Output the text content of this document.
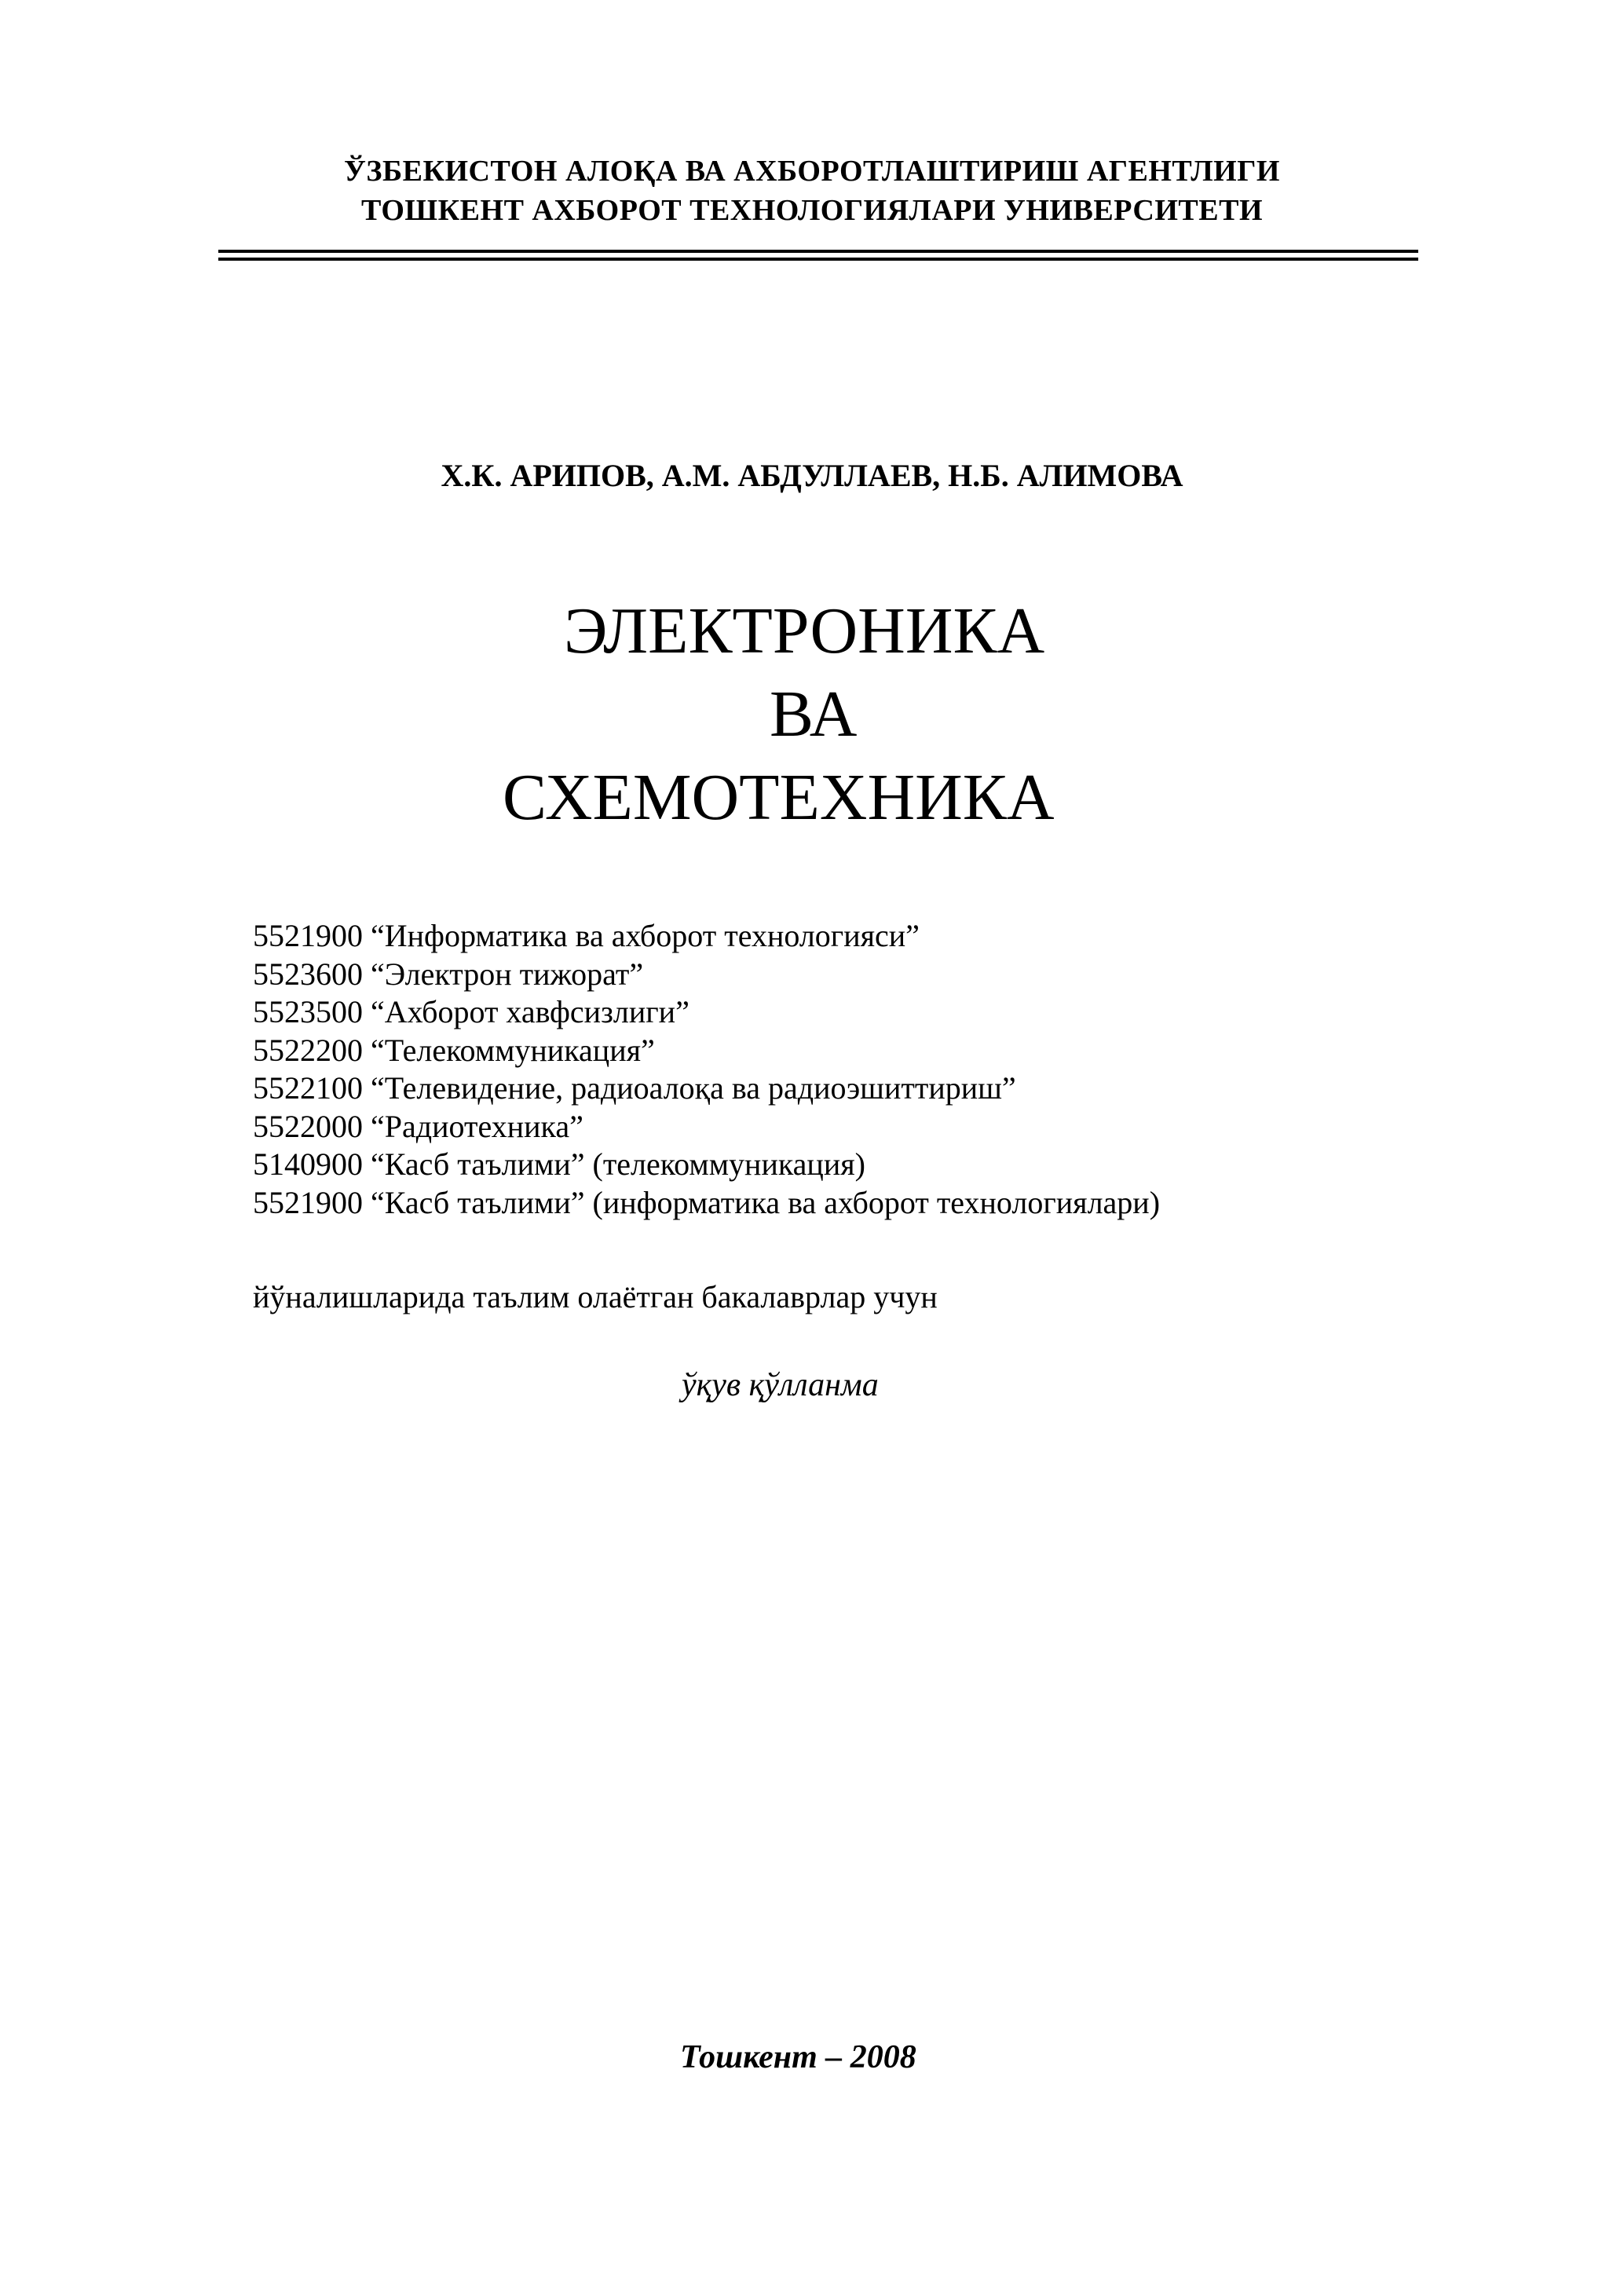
ЎЗБЕКИСТОН АЛОҚА ВА АХБОРОТЛАШТИРИШ АГЕНТЛИГИ
ТОШКЕНТ АХБОРОТ ТЕХНОЛОГИЯЛАРИ УНИВЕРСИТЕТИ
Х.К. АРИПОВ, А.М. АБДУЛЛАЕВ, Н.Б. АЛИМОВА
ЭЛЕКТРОНИКА
ВА
СХЕМОТЕХНИКА
5521900 “Информатика ва ахборот технологияси”
5523600 “Электрон тижорат”
5523500 “Ахборот хавфсизлиги”
5522200 “Телекоммуникация”
5522100 “Телевидение, радиоалоқа ва радиоэшиттириш”
5522000 “Радиотехника”
5140900 “Касб таълими” (телекоммуникация)
5521900 “Касб таълими” (информатика ва ахборот технологиялари)
йўналишларида таълим олаётган бакалаврлар учун
ўқув қўлланма
Тошкент – 2008
